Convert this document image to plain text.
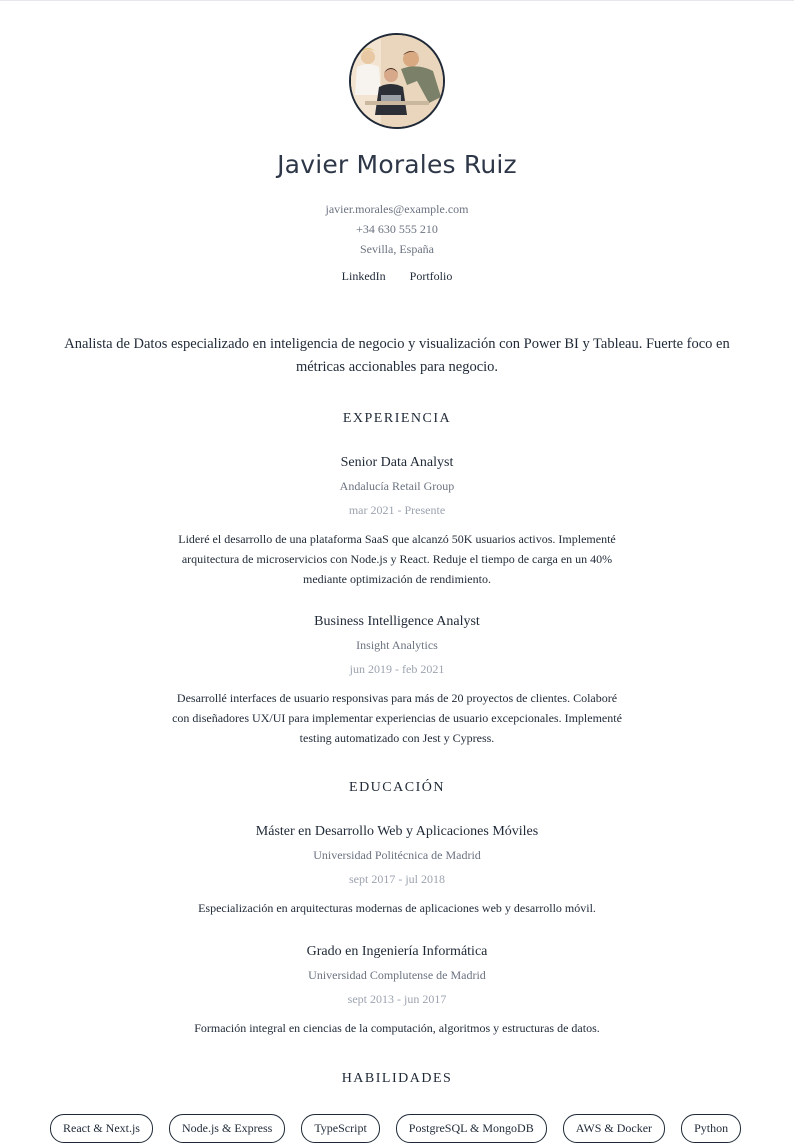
Javier Morales Ruiz
javier.morales@example.com
+34 630 555 210
Sevilla, España
LinkedIn Portfolio
Analista de Datos especializado en inteligencia de negocio y visualización con Power BI y Tableau. Fuerte foco en métricas accionables para negocio.
EXPERIENCIA
Senior Data Analyst
Andalucía Retail Group
mar 2021 - Presente
Lideré el desarrollo de una plataforma SaaS que alcanzó 50K usuarios activos. Implementé arquitectura de microservicios con Node.js y React. Reduje el tiempo de carga en un 40% mediante optimización de rendimiento.
Business Intelligence Analyst
Insight Analytics
jun 2019 - feb 2021
Desarrollé interfaces de usuario responsivas para más de 20 proyectos de clientes. Colaboré con diseñadores UX/UI para implementar experiencias de usuario excepcionales. Implementé testing automatizado con Jest y Cypress.
EDUCACIÓN
Máster en Desarrollo Web y Aplicaciones Móviles
Universidad Politécnica de Madrid
sept 2017 - jul 2018
Especialización en arquitecturas modernas de aplicaciones web y desarrollo móvil.
Grado en Ingeniería Informática
Universidad Complutense de Madrid
sept 2013 - jun 2017
Formación integral en ciencias de la computación, algoritmos y estructuras de datos.
HABILIDADES
React & Next.js	Node.js & Express	TypeScript	PostgreSQL & MongoDB	AWS & Docker	Python
